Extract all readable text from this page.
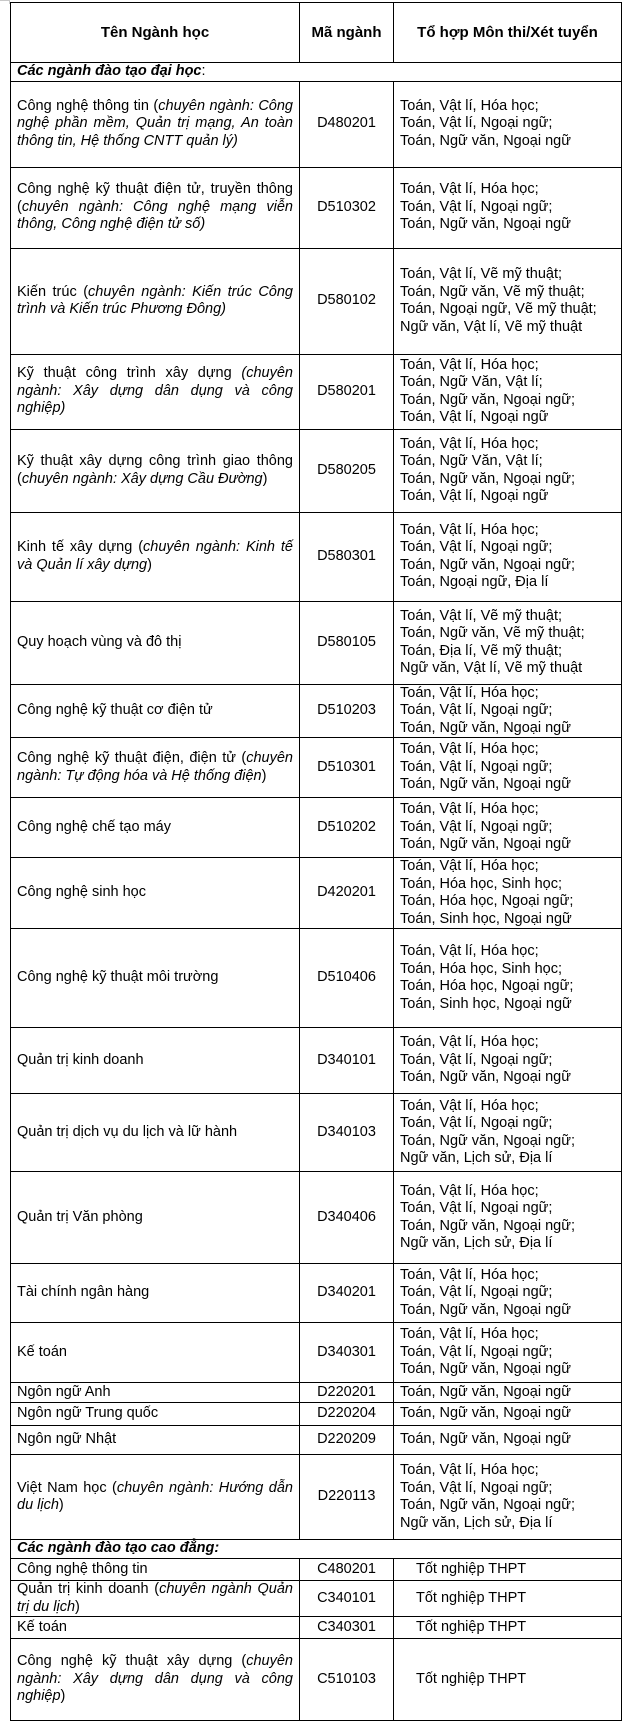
Tên Ngành học	Mã ngành	Tổ hợp Môn thi/Xét tuyển
Các ngành đào tạo đại học:		
Công nghệ thông tin (chuyên ngành: Công nghệ phần mềm, Quản trị mạng, An toàn thông tin, Hệ thống CNTT quản lý)	D480201	Toán, Vật lí, Hóa học;
Toán, Vật lí, Ngoại ngữ;
Toán, Ngữ văn, Ngoại ngữ

Công nghệ kỹ thuật điện tử, truyền thông (chuyên ngành: Công nghệ mạng viễn thông, Công nghệ điện tử số)	D510302	Toán, Vật lí, Hóa học;
Toán, Vật lí, Ngoại ngữ;
Toán, Ngữ văn, Ngoại ngữ

Kiến trúc (chuyên ngành: Kiến trúc Công trình và Kiến trúc Phương Đông)	D580102	Toán, Vật lí, Vẽ mỹ thuật;
Toán, Ngữ văn, Vẽ mỹ thuật;
Toán, Ngoại ngữ, Vẽ mỹ thuật;
Ngữ văn, Vật lí, Vẽ mỹ thuật

Kỹ thuật công trình xây dựng (chuyên ngành: Xây dựng dân dụng và công nghiệp)	D580201	Toán, Vật lí, Hóa học;
Toán, Ngữ Văn, Vật lí;
Toán, Ngữ văn, Ngoại ngữ;
Toán, Vật lí, Ngoại ngữ

Kỹ thuật xây dựng công trình giao thông (chuyên ngành: Xây dựng Cầu Đường)	D580205	Toán, Vật lí, Hóa học;
Toán, Ngữ Văn, Vật lí;
Toán, Ngữ văn, Ngoại ngữ;
Toán, Vật lí, Ngoại ngữ

Kinh tế xây dựng (chuyên ngành: Kinh tế và Quản lí xây dựng)	D580301	Toán, Vật lí, Hóa học;
Toán, Vật lí, Ngoại ngữ;
Toán, Ngữ văn, Ngoại ngữ;
Toán, Ngoại ngữ, Địa lí

Quy hoạch vùng và đô thị	D580105	Toán, Vật lí, Vẽ mỹ thuật;
Toán, Ngữ văn, Vẽ mỹ thuật;
Toán, Địa lí, Vẽ mỹ thuật;
Ngữ văn, Vật lí, Vẽ mỹ thuật

Công nghệ kỹ thuật cơ điện tử	D510203	Toán, Vật lí, Hóa học;
Toán, Vật lí, Ngoại ngữ;
Toán, Ngữ văn, Ngoại ngữ

Công nghệ kỹ thuật điện, điện tử (chuyên ngành: Tự động hóa và Hệ thống điện)	D510301	Toán, Vật lí, Hóa học;
Toán, Vật lí, Ngoại ngữ;
Toán, Ngữ văn, Ngoại ngữ

Công nghệ chế tạo máy	D510202	Toán, Vật lí, Hóa học;
Toán, Vật lí, Ngoại ngữ;
Toán, Ngữ văn, Ngoại ngữ

Công nghệ sinh học	D420201	Toán, Vật lí, Hóa học;
Toán, Hóa học, Sinh học;
Toán, Hóa học, Ngoại ngữ;
Toán, Sinh học, Ngoại ngữ

Công nghệ kỹ thuật môi trường	D510406	Toán, Vật lí, Hóa học;
Toán, Hóa học, Sinh học;
Toán, Hóa học, Ngoại ngữ;
Toán, Sinh học, Ngoại ngữ

Quản trị kinh doanh	D340101	Toán, Vật lí, Hóa học;
Toán, Vật lí, Ngoại ngữ;
Toán, Ngữ văn, Ngoại ngữ

Quản trị dịch vụ du lịch và lữ hành	D340103	Toán, Vật lí, Hóa học;
Toán, Vật lí, Ngoại ngữ;
Toán, Ngữ văn, Ngoại ngữ;
Ngữ văn, Lịch sử, Địa lí

Quản trị Văn phòng	D340406	Toán, Vật lí, Hóa học;
Toán, Vật lí, Ngoại ngữ;
Toán, Ngữ văn, Ngoại ngữ;
Ngữ văn, Lịch sử, Địa lí

Tài chính ngân hàng	D340201	Toán, Vật lí, Hóa học;
Toán, Vật lí, Ngoại ngữ;
Toán, Ngữ văn, Ngoại ngữ

Kế toán	D340301	Toán, Vật lí, Hóa học;
Toán, Vật lí, Ngoại ngữ;
Toán, Ngữ văn, Ngoại ngữ

Ngôn ngữ Anh	D220201	Toán, Ngữ văn, Ngoại ngữ

Ngôn ngữ Trung quốc	D220204	Toán, Ngữ văn, Ngoại ngữ

Ngôn ngữ Nhật	D220209	Toán, Ngữ văn, Ngoại ngữ

Việt Nam học (chuyên ngành: Hướng dẫn du lịch)	D220113	Toán, Vật lí, Hóa học;
Toán, Vật lí, Ngoại ngữ;
Toán, Ngữ văn, Ngoại ngữ;
Ngữ văn, Lịch sử, Địa lí

Các ngành đào tạo cao đẳng:		
Công nghệ thông tin	C480201	Tốt nghiệp THPT

Quản trị kinh doanh (chuyên ngành Quản trị du lịch)	C340101	Tốt nghiệp THPT

Kế toán	C340301	Tốt nghiệp THPT

Công nghệ kỹ thuật xây dựng (chuyên ngành: Xây dựng dân dụng và công nghiệp)	C510103	Tốt nghiệp THPT
